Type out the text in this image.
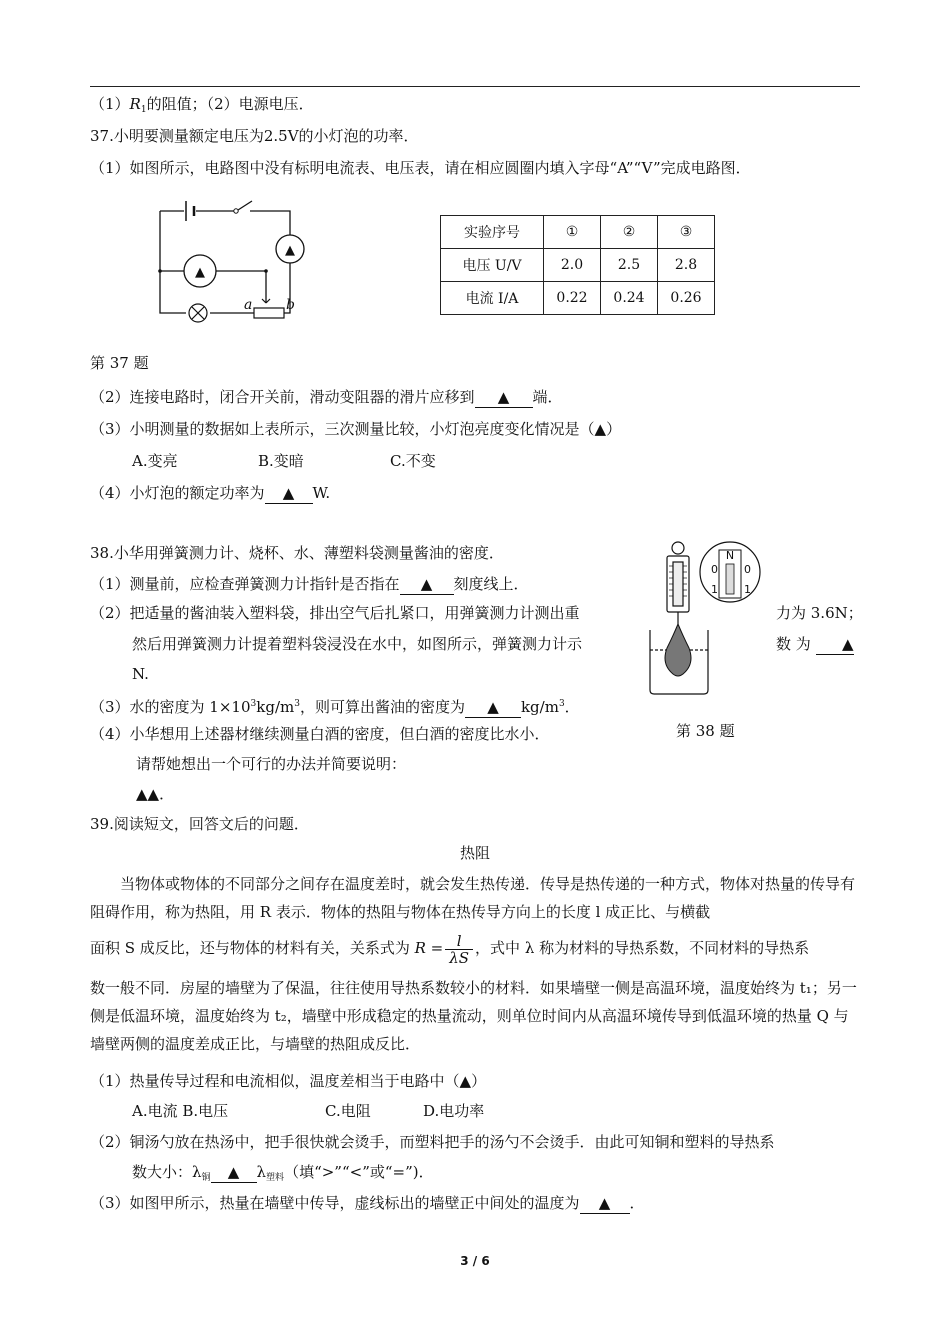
$(1)R_1$的阻值；（2）电源电压．
37.小明要测量额定电压为2.5V的小灯泡的功率．
（1）如图所示，电路图中没有标明电流表、电压表，请在相应圆圈内填入字母“A”“V”完成电路图．
▲
▲
a b
实验序号	①	②	③
电压 U/V	2.0	2.5	2.8
电流 I/A	0.22	0.24	0.26
第 37 题
（2）连接电路时，闭合开关前，滑动变阻器的滑片应移到 ▲ 端．
（3）小明测量的数据如上表所示，三次测量比较，小灯泡亮度变化情况是（▲）
A.变亮	B.变暗	C.不变
（4）小灯泡的额定功率为 ▲ W.
38.小华用弹簧测力计、烧杯、水、薄塑料袋测量酱油的密度．
（1）测量前，应检查弹簧测力计指针是否指在 ▲ 刻度线上．
（2）把适量的酱油装入塑料袋，排出空气后扎紧口，用弹簧测力计测出重	力为 3.6N；
然后用弹簧测力计提着塑料袋浸没在水中，如图所示，弹簧测力计示	数 为 ▲
N.
（3）水的密度为 $1\times 10^3kg/m^3$，则可算出酱油的密度为 ▲ $kg/m^3$．
（4）小华想用上述器材继续测量白酒的密度，但白酒的密度比水小．
请帮她想出一个可行的办法并简要说明：
▲▲．
N
0 0
1 1
第 38 题
39.阅读短文，回答文后的问题．
热阻
当物体或物体的不同部分之间存在温度差时，就会发生热传递．传导是热传递的一种方式，物体对热量的传导有阻碍作用，称为热阻，用 R 表示．物体的热阻与物体在热传导方向上的长度 l 成正比、与横截
面积 S 成反比，还与物体的材料有关，关系式为 $R = \frac{l}{\lambda S}$ ，式中 λ 称为材料的导热系数，不同材料的导热系
数一般不同．房屋的墙壁为了保温，往往使用导热系数较小的材料．如果墙壁一侧是高温环境，温度始终为 t₁；另一侧是低温环境，温度始终为 t₂，墙壁中形成稳定的热量流动，则单位时间内从高温环境传导到低温环境的热量 Q 与墙壁两侧的温度差成正比，与墙壁的热阻成反比．
（1）热量传导过程和电流相似，温度差相当于电路中（▲）
A.电流 B.电压	C.电阻	D.电功率
（2）铜汤勺放在热汤中，把手很快就会烫手，而塑料把手的汤勺不会烫手．由此可知铜和塑料的导热系
数大小：$\lambda_铜$ ▲ $\lambda_{塑料}$（填“>”“<”或“=”)．
（3）如图甲所示，热量在墙壁中传导，虚线标出的墙壁正中间处的温度为 ▲ ．
3 / 6
